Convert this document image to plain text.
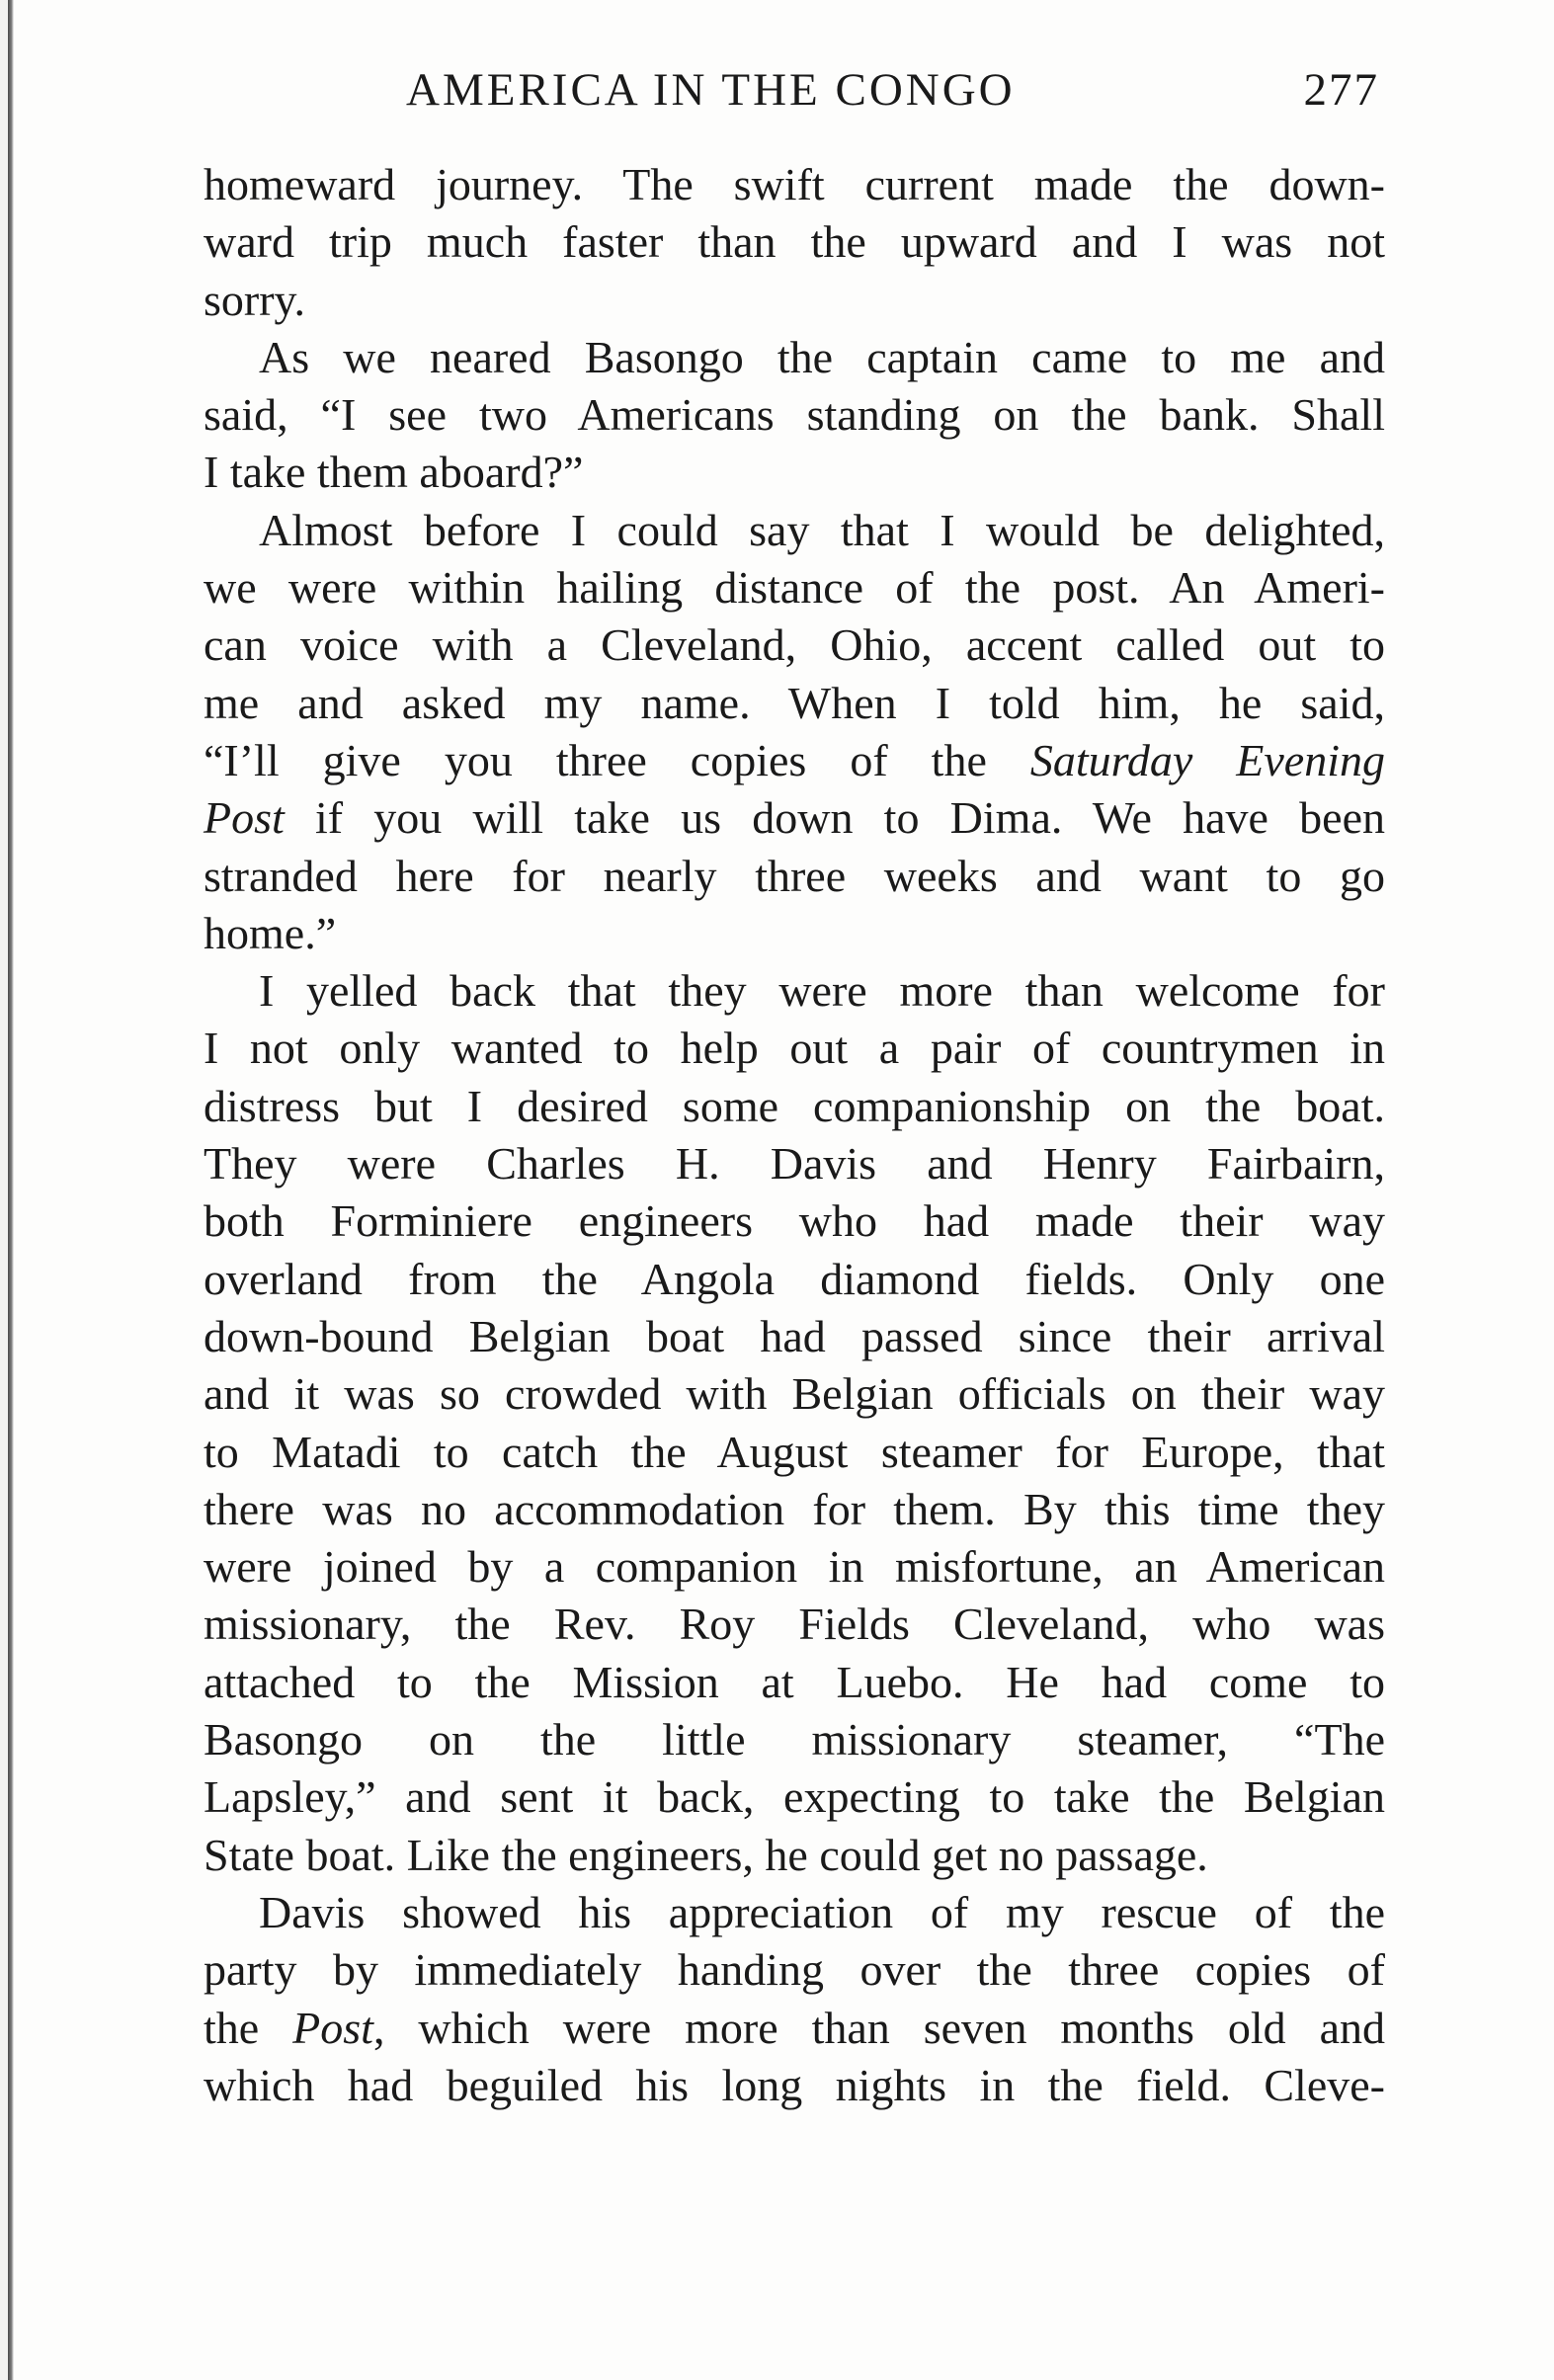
AMERICA IN THE CONGO	277
homeward journey. The swift current made the down-
ward trip much faster than the upward and I was not
sorry.
As we neared Basongo the captain came to me and
said, “I see two Americans standing on the bank. Shall
I take them aboard?”
Almost before I could say that I would be delighted,
we were within hailing distance of the post. An Ameri-
can voice with a Cleveland, Ohio, accent called out to
me and asked my name. When I told him, he said,
“I’ll give you three copies of the Saturday Evening
Post if you will take us down to Dima. We have been
stranded here for nearly three weeks and want to go
home.”
I yelled back that they were more than welcome for
I not only wanted to help out a pair of countrymen in
distress but I desired some companionship on the boat.
They were Charles H. Davis and Henry Fairbairn,
both Forminiere engineers who had made their way
overland from the Angola diamond fields. Only one
down-bound Belgian boat had passed since their arrival
and it was so crowded with Belgian officials on their way
to Matadi to catch the August steamer for Europe, that
there was no accommodation for them. By this time they
were joined by a companion in misfortune, an American
missionary, the Rev. Roy Fields Cleveland, who was
attached to the Mission at Luebo. He had come to
Basongo on the little missionary steamer, “The
Lapsley,” and sent it back, expecting to take the Belgian
State boat. Like the engineers, he could get no passage.
Davis showed his appreciation of my rescue of the
party by immediately handing over the three copies of
the Post, which were more than seven months old and
which had beguiled his long nights in the field. Cleve-
